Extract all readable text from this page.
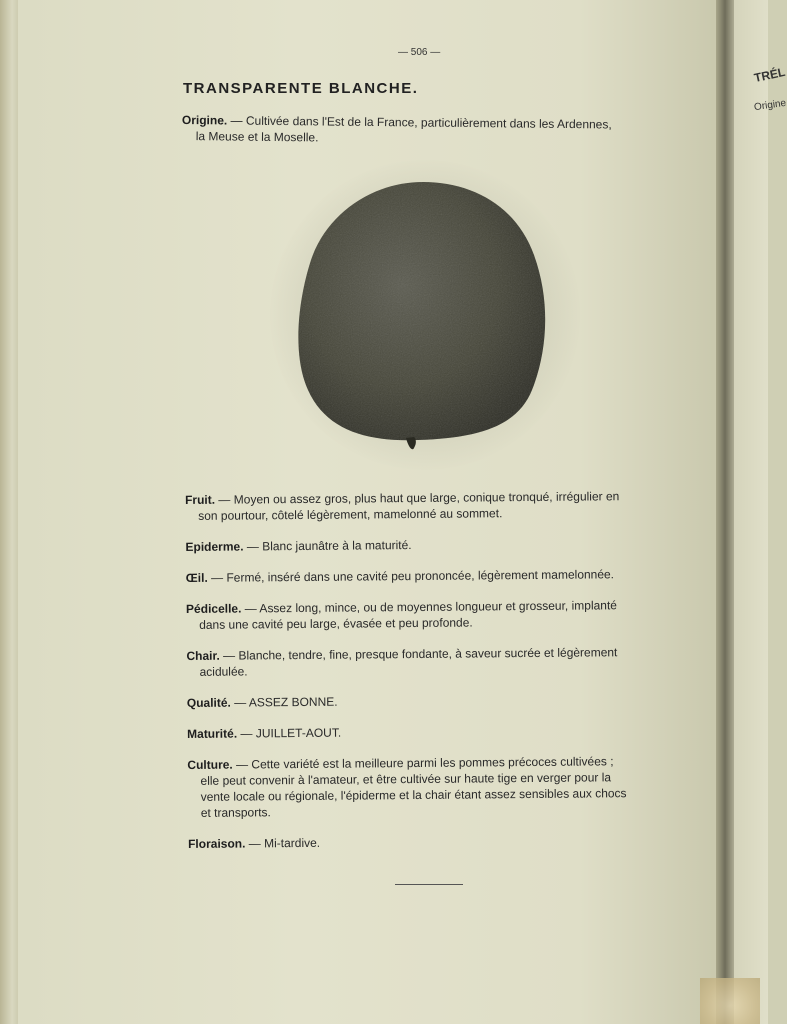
TRÉL
Origine
— 506 —
TRANSPARENTE BLANCHE.
Origine. — Cultivée dans l'Est de la France, particulièrement dans les Ardennes,
la Meuse et la Moselle.
Fruit. — Moyen ou assez gros, plus haut que large, conique tronqué, irrégulier en
son pourtour, côtelé légèrement, mamelonné au sommet.
Epiderme. — Blanc jaunâtre à la maturité.
Œil. — Fermé, inséré dans une cavité peu prononcée, légèrement mamelonnée.
Pédicelle. — Assez long, mince, ou de moyennes longueur et grosseur, implanté
dans une cavité peu large, évasée et peu profonde.
Chair. — Blanche, tendre, fine, presque fondante, à saveur sucrée et légèrement
acidulée.
Qualité. — ASSEZ BONNE.
Maturité. — JUILLET-AOUT.
Culture. — Cette variété est la meilleure parmi les pommes précoces cultivées ;
elle peut convenir à l'amateur, et être cultivée sur haute tige en verger pour la
vente locale ou régionale, l'épiderme et la chair étant assez sensibles aux chocs
et transports.
Floraison. — Mi-tardive.
